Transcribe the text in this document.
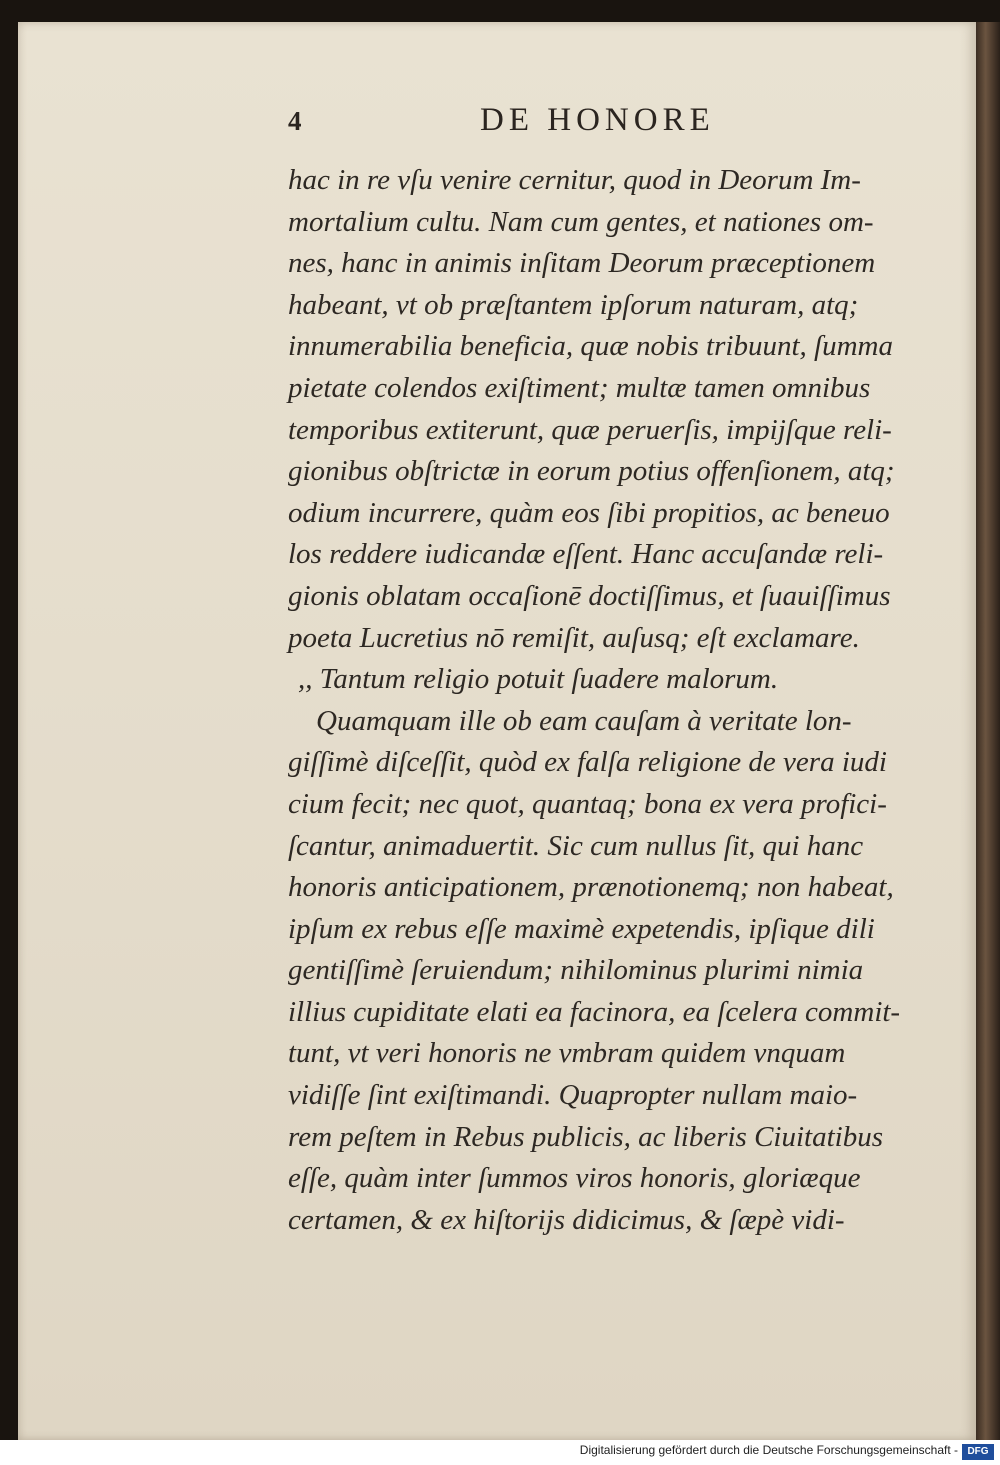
4	DE HONORE
hac in re vſu venire cernitur, quod in Deorum Im-
mortalium cultu. Nam cum gentes, et nationes om-
nes, hanc in animis inſitam Deorum præceptionem
habeant, vt ob præſtantem ipſorum naturam, atq;
innumerabilia beneficia, quæ nobis tribuunt, ſumma
pietate colendos exiſtiment; multæ tamen omnibus
temporibus extiterunt, quæ peruerſis, impijſque reli-
gionibus obſtrictæ in eorum potius offenſionem, atq;
odium incurrere, quàm eos ſibi propitios, ac beneuo
los reddere iudicandæ eſſent. Hanc accuſandæ reli-
gionis oblatam occaſionē doctiſſimus, et ſuauiſſimus
poeta Lucretius nō remiſit, auſusq; eſt exclamare.
,, Tantum religio potuit ſuadere malorum.
Quamquam ille ob eam cauſam à veritate lon-
giſſimè diſceſſit, quòd ex falſa religione de vera iudi
cium fecit; nec quot, quantaq; bona ex vera profici-
ſcantur, animaduertit. Sic cum nullus ſit, qui hanc
honoris anticipationem, prænotionemq; non habeat,
ipſum ex rebus eſſe maximè expetendis, ipſique dili
gentiſſimè ſeruiendum; nihilominus plurimi nimia
illius cupiditate elati ea facinora, ea ſcelera commit-
tunt, vt veri honoris ne vmbram quidem vnquam
vidiſſe ſint exiſtimandi. Quapropter nullam maio-
rem peſtem in Rebus publicis, ac liberis Ciuitatibus
eſſe, quàm inter ſummos viros honoris, gloriæque
certamen, & ex hiſtorijs didicimus, & ſæpè vidi-
Digitalisierung gefördert durch die Deutsche Forschungsgemeinschaft - DFG
